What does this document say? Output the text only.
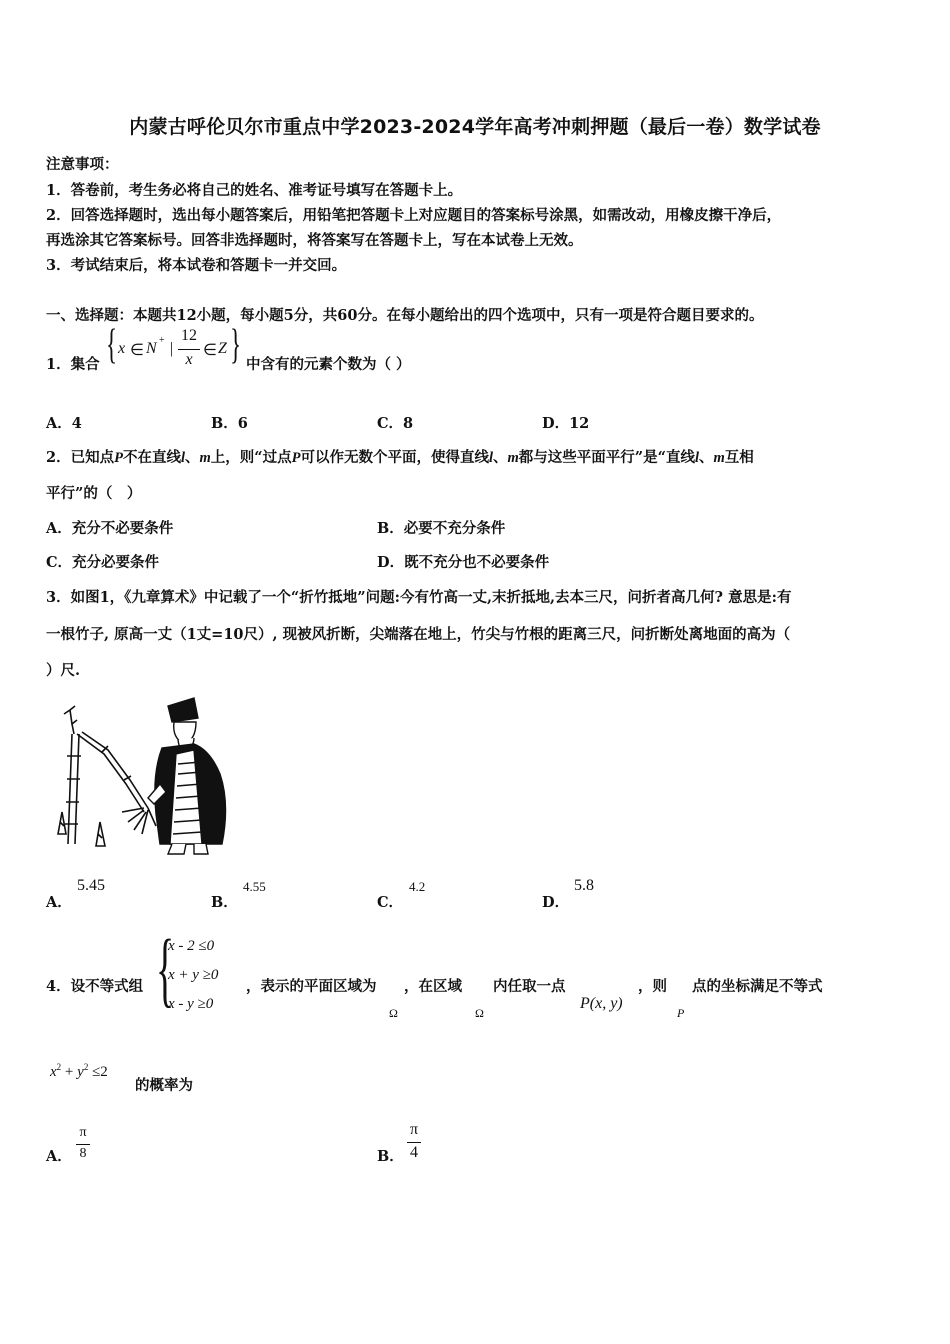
内蒙古呼伦贝尔市重点中学2023-2024学年高考冲刺押题（最后一卷）数学试卷
注意事项：
1．答卷前，考生务必将自己的姓名、准考证号填写在答题卡上。
2．回答选择题时，选出每小题答案后，用铅笔把答题卡上对应题目的答案标号涂黑，如需改动，用橡皮擦干净后，
再选涂其它答案标号。回答非选择题时，将答案写在答题卡上，写在本试卷上无效。
3．考试结束后，将本试卷和答题卡一并交回。
一、选择题：本题共12小题，每小题5分，共60分。在每小题给出的四个选项中，只有一项是符合题目要求的。
1．集合 { x ∈ N + |
12
x
∈ Z } 中含有的元素个数为（ ）
A．4	B．6	C．8	D．12
2．已知点P不在直线l、m上，则“过点P可以作无数个平面，使得直线l、m都与这些平面平行”是“直线l、m互相
平行”的（　）
A．充分不必要条件	B．必要不充分条件
C．充分必要条件	D．既不充分也不必要条件
3．如图1，《九章算术》中记载了一个“折竹抵地”问题:今有竹高一丈,末折抵地,去本三尺，问折者高几何? 意思是:有
一根竹子, 原高一丈（1丈=10尺）, 现被风折断，尖端落在地上，竹尖与竹根的距离三尺，问折断处离地面的高为（
）尺.
A．
5.45
B．
4.55
C．
4.2
D．
5.8
4．设不等式组 {
x - 2 ≤0
x + y ≥0
x - y ≥0
，表示的平面区域为
Ω
，在区域
Ω
内任取一点
P(x, y)
，则
P
点的坐标满足不等式
$x^2 + y^2 \le 2$
的概率为
A．
π
8	B．
π
4
